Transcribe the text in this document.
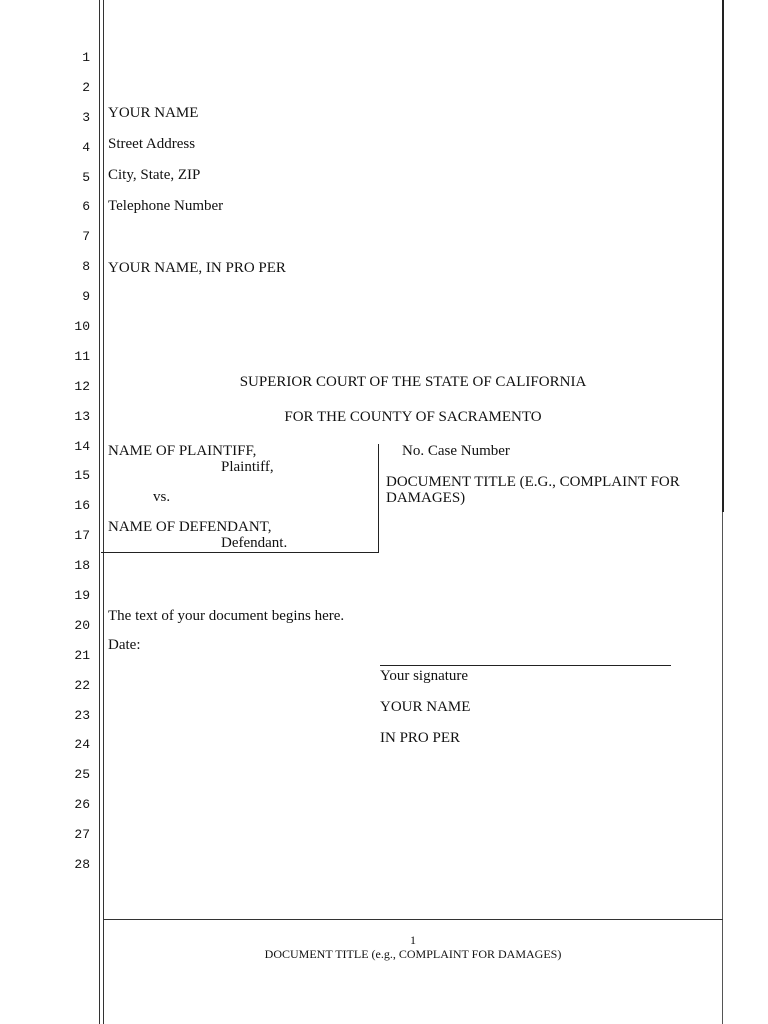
1
2
3
4
5
6
7
8
9
10
11
12
13
14
15
16
17
18
19
20
21
22
23
24
25
26
27
28
YOUR NAME
Street Address
City, State, ZIP
Telephone Number
YOUR NAME, IN PRO PER
SUPERIOR COURT OF THE STATE OF CALIFORNIA
FOR THE COUNTY OF SACRAMENTO
NAME OF PLAINTIFF,
Plaintiff,
vs.
NAME OF DEFENDANT,
Defendant.
No. Case Number
DOCUMENT TITLE (E.G., COMPLAINT FOR
DAMAGES)
The text of your document begins here.
Date:
Your signature
YOUR NAME
IN PRO PER
1
DOCUMENT TITLE (e.g., COMPLAINT FOR DAMAGES)
